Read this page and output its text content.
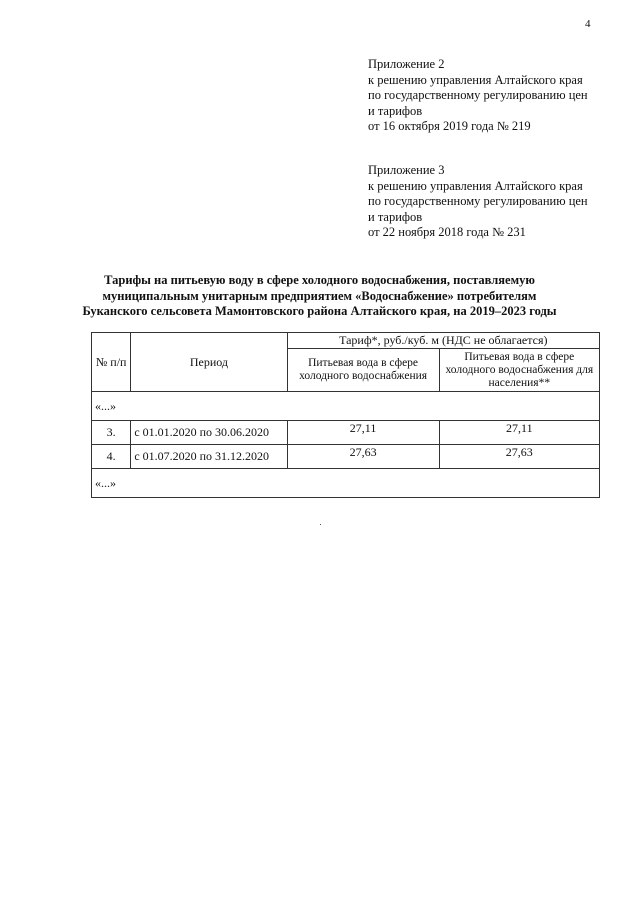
4
Приложение 2
к решению управления Алтайского края
по государственному регулированию цен
и тарифов
от 16 октября 2019 года № 219
Приложение 3
к решению управления Алтайского края
по государственному регулированию цен
и тарифов
от 22 ноября 2018 года № 231
Тарифы на питьевую воду в сфере холодного водоснабжения, поставляемую
муниципальным унитарным предприятием «Водоснабжение» потребителям
Буканского сельсовета Мамонтовского района Алтайского края, на 2019–2023 годы
№ п/п	Период	Тариф*, руб./куб. м (НДС не облагается)	
		Питьевая вода в сфере холодного водоснабжения	Питьевая вода в сфере холодного водоснабжения для населения**
«...»			
3.	с 01.01.2020 по 30.06.2020	27,11	27,11
4.	с 01.07.2020 по 31.12.2020	27,63	27,63
«...»			
